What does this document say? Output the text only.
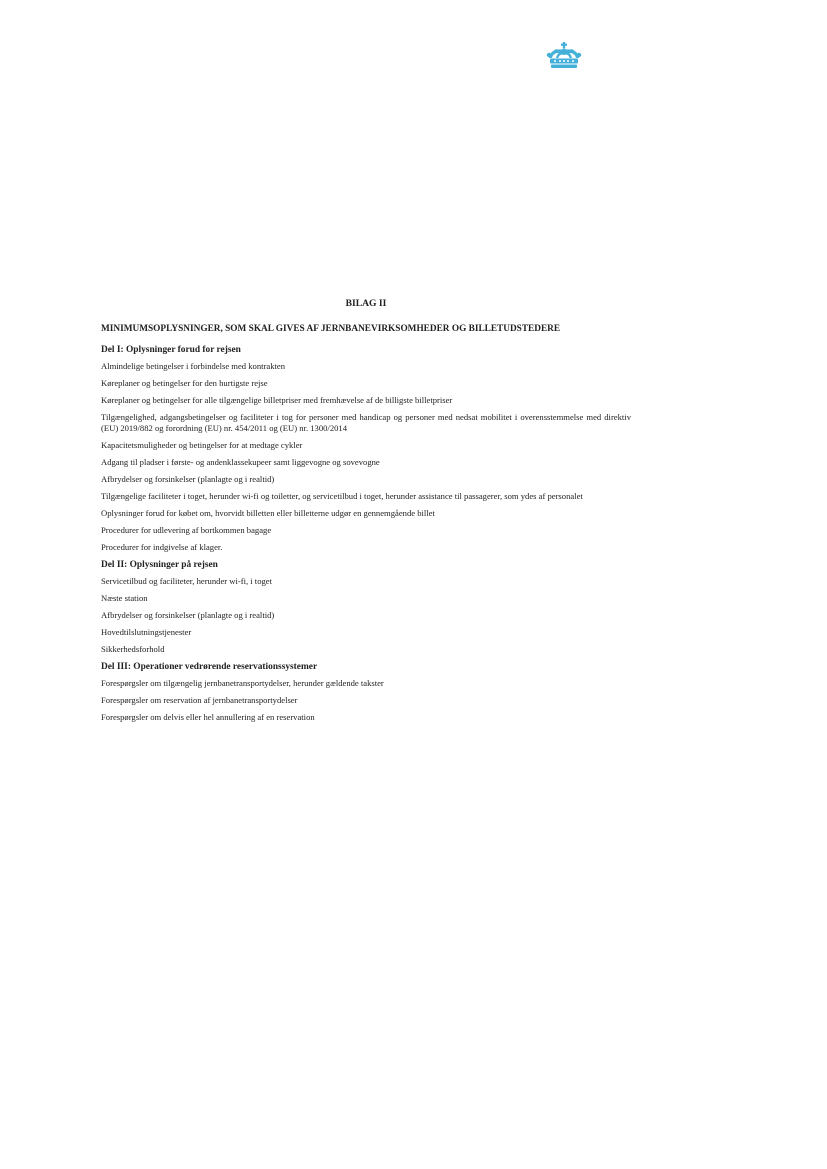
BILAG II
MINIMUMSOPLYSNINGER, SOM SKAL GIVES AF JERNBANEVIRKSOMHEDER OG BILLETUDSTEDERE
Del I: Oplysninger forud for rejsen
Almindelige betingelser i forbindelse med kontrakten
Køreplaner og betingelser for den hurtigste rejse
Køreplaner og betingelser for alle tilgængelige billetpriser med fremhævelse af de billigste billetpriser
Tilgængelighed, adgangsbetingelser og faciliteter i tog for personer med handicap og personer med nedsat mobilitet i overensstemmelse med direktiv (EU) 2019/882 og forordning (EU) nr. 454/2011 og (EU) nr. 1300/2014
Kapacitetsmuligheder og betingelser for at medtage cykler
Adgang til pladser i første- og andenklassekupeer samt liggevogne og sovevogne
Afbrydelser og forsinkelser (planlagte og i realtid)
Tilgængelige faciliteter i toget, herunder wi-fi og toiletter, og servicetilbud i toget, herunder assistance til passagerer, som ydes af personalet
Oplysninger forud for købet om, hvorvidt billetten eller billetterne udgør en gennemgående billet
Procedurer for udlevering af bortkommen bagage
Procedurer for indgivelse af klager.
Del II: Oplysninger på rejsen
Servicetilbud og faciliteter, herunder wi-fi, i toget
Næste station
Afbrydelser og forsinkelser (planlagte og i realtid)
Hovedtilslutningstjenester
Sikkerhedsforhold
Del III: Operationer vedrørende reservationssystemer
Forespørgsler om tilgængelig jernbanetransportydelser, herunder gældende takster
Forespørgsler om reservation af jernbanetransportydelser
Forespørgsler om delvis eller hel annullering af en reservation
